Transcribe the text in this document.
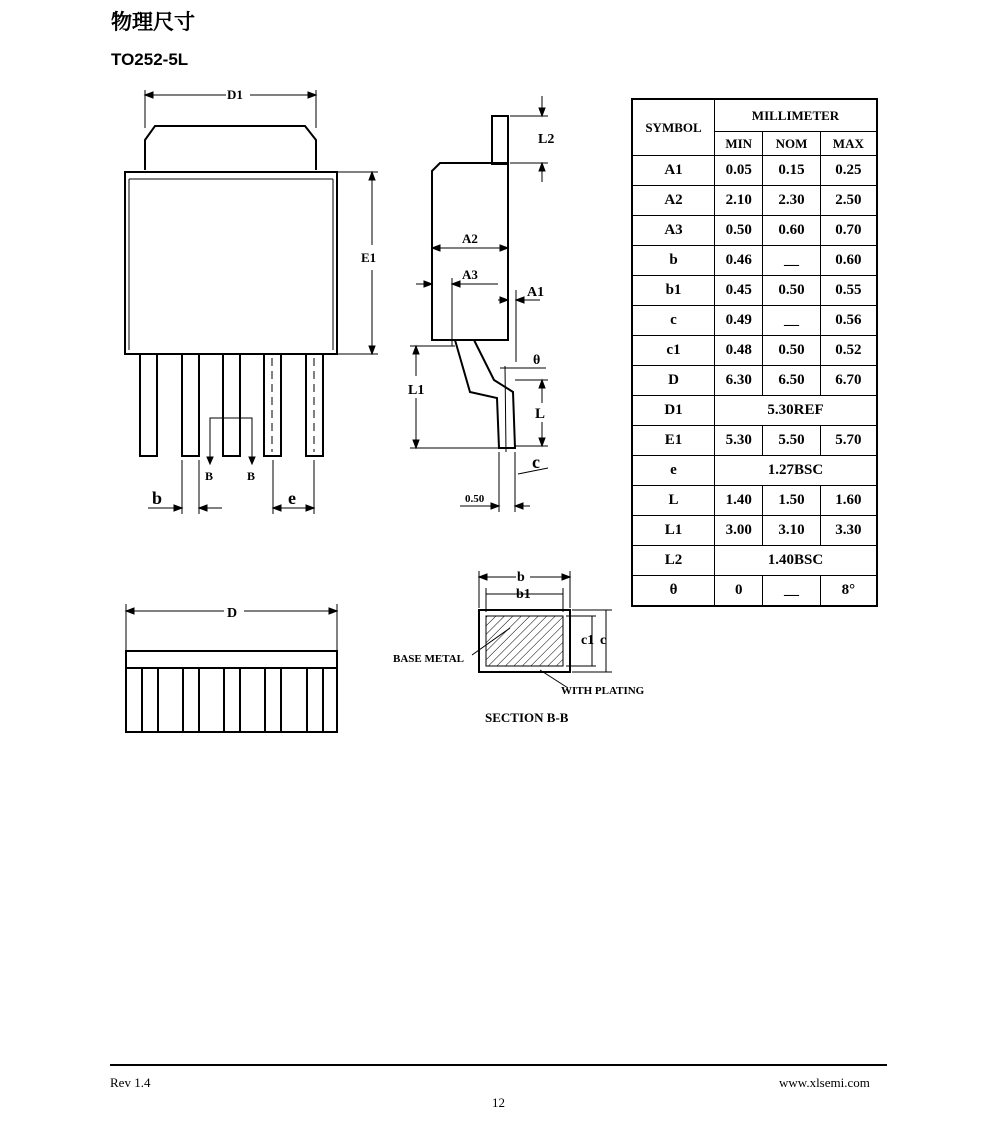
物理尺寸
TO252-5L
D1
E1
B	B
b	e
L2
A2
A3
A1
L1
θ
L
c
0.50
D
b
b1
c1 c
BASE METAL
WITH PLATING
SECTION B-B
SYMBOL	MILLIMETER		
	MIN	NOM	MAX
A1	0.05	0.15	0.25
A2	2.10	2.30	2.50
A3	0.50	0.60	0.70
b	0.46	__	0.60
b1	0.45	0.50	0.55
c	0.49	__	0.56
c1	0.48	0.50	0.52
D	6.30	6.50	6.70
D1	5.30REF		
E1	5.30	5.50	5.70
e	1.27BSC		
L	1.40	1.50	1.60
L1	3.00	3.10	3.30
L2	1.40BSC		
θ	0	__	8°
Rev 1.4	www.xlsemi.com
12
